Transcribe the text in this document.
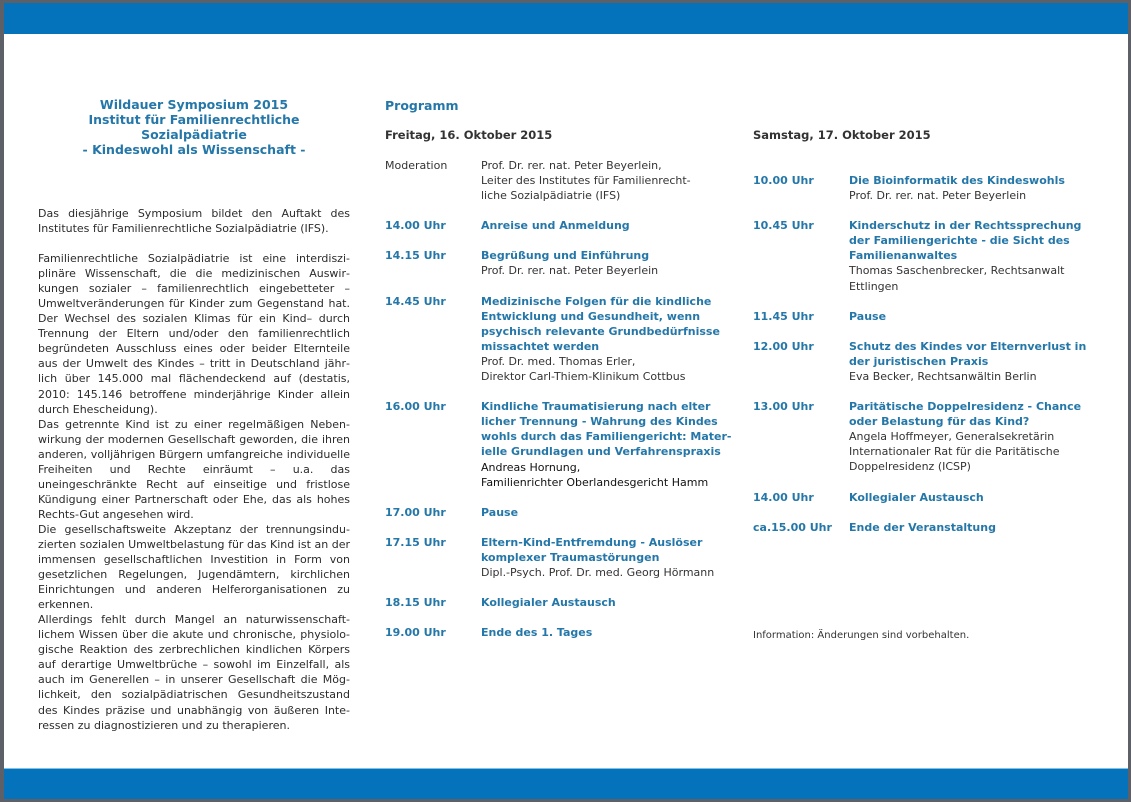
Wildauer Symposium 2015
Institut für Familienrechtliche Sozialpädiatrie
- Kindeswohl als Wissenschaft -

Das diesjährige Symposium bildet den Auftakt des Institutes für Familienrechtliche Sozialpädiatrie (IFS).

Familienrechtliche Sozialpädiatrie ist eine interdisziplinäre Wissenschaft, die die medizinischen Auswirkungen sozialer – familienrechtlich eingebetteter – Umweltveränderungen für Kinder zum Gegenstand hat. Der Wechsel des sozialen Klimas für ein Kind– durch Trennung der Eltern und/oder den familienrechtlich begründeten Ausschluss eines oder beider Elternteile aus der Umwelt des Kindes – tritt in Deutschland jährlich über 145.000 mal flächendeckend auf (destatis, 2010: 145.146 betroffene minderjährige Kinder allein durch Ehescheidung).

Das getrennte Kind ist zu einer regelmäßigen Nebenwirkung der modernen Gesellschaft geworden, die ihren anderen, volljährigen Bürgern umfangreiche individuelle Freiheiten und Rechte einräumt – u.a. das uneingeschränkte Recht auf einseitige und fristlose Kündigung einer Partnerschaft oder Ehe, das als hohes Rechts-Gut angesehen wird.

Die gesellschaftsweite Akzeptanz der trennungsinduzierten sozialen Umweltbelastung für das Kind ist an der immensen gesellschaftlichen Investition in Form von gesetzlichen Regelungen, Jugendämtern, kirchlichen Einrichtungen und anderen Helferorganisationen zu erkennen.

Allerdings fehlt durch Mangel an naturwissenschaftlichem Wissen über die akute und chronische, physiologische Reaktion des zerbrechlichen kindlichen Körpers auf derartige Umweltbrüche – sowohl im Einzelfall, als auch im Generellen – in unserer Gesellschaft die Möglichkeit, den sozialpädiatrischen Gesundheitszustand des Kindes präzise und unabhängig von äußeren Interessen zu diagnostizieren und zu therapieren.

Programm
Freitag, 16. Oktober 2015	Samstag, 17. Oktober 2015
Moderation	Prof. Dr. rer. nat. Peter Beyerlein,
Leiter des Institutes für Familienrecht-
liche Sozialpädiatrie (IFS)
14.00 Uhr	Anreise und Anmeldung
14.15 Uhr	Begrüßung und Einführung
Prof. Dr. rer. nat. Peter Beyerlein
14.45 Uhr	Medizinische Folgen für die kindliche
Entwicklung und Gesundheit, wenn
psychisch relevante Grundbedürfnisse
missachtet werden
Prof. Dr. med. Thomas Erler,
Direktor Carl-Thiem-Klinikum Cottbus
16.00 Uhr	Kindliche Traumatisierung nach elter
licher Trennung - Wahrung des Kindes
wohls durch das Familiengericht: Mater-
ielle Grundlagen und Verfahrenspraxis
Andreas Hornung,
Familienrichter Oberlandesgericht Hamm
17.00 Uhr	Pause
17.15 Uhr	Eltern-Kind-Entfremdung - Auslöser
komplexer Traumastörungen
Dipl.-Psych. Prof. Dr. med. Georg Hörmann
18.15 Uhr	Kollegialer Austausch
19.00 Uhr	Ende des 1. Tages
10.00 Uhr	Die Bioinformatik des Kindeswohls
Prof. Dr. rer. nat. Peter Beyerlein
10.45 Uhr	Kinderschutz in der Rechtssprechung
der Familiengerichte - die Sicht des
Familienanwaltes
Thomas Saschenbrecker, Rechtsanwalt
Ettlingen
11.45 Uhr	Pause
12.00 Uhr	Schutz des Kindes vor Elternverlust in
der juristischen Praxis
Eva Becker, Rechtsanwältin Berlin
13.00 Uhr	Paritätische Doppelresidenz - Chance
oder Belastung für das Kind?
Angela Hoffmeyer, Generalsekretärin
Internationaler Rat für die Paritätische
Doppelresidenz (ICSP)
14.00 Uhr	Kollegialer Austausch
ca.15.00 Uhr	Ende der Veranstaltung
Information: Änderungen sind vorbehalten.
